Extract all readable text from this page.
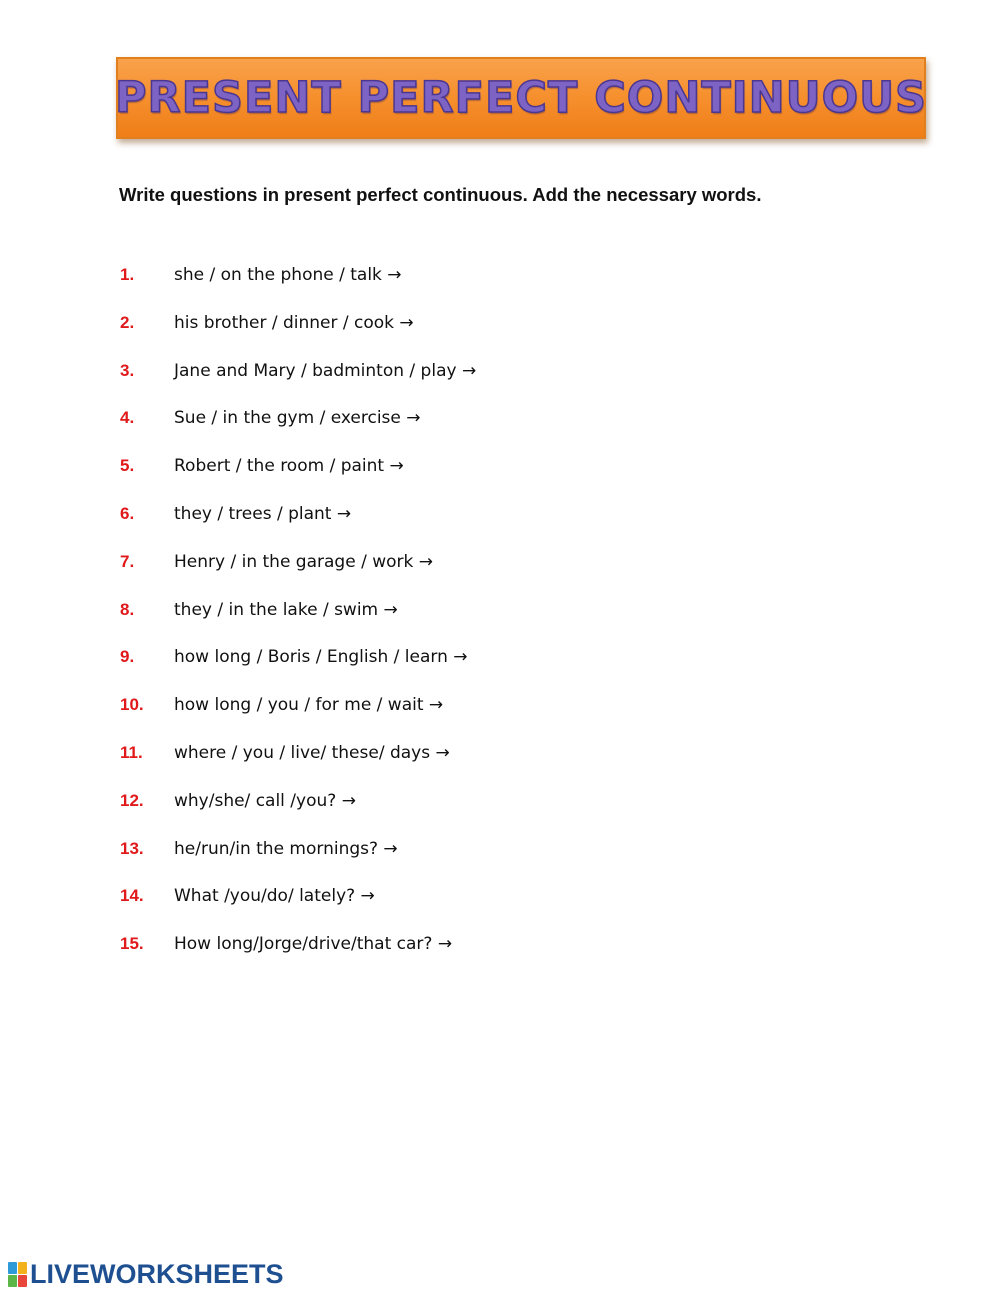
PRESENT PERFECT CONTINUOUS
Write questions in present perfect continuous. Add the necessary words.
1.	she / on the phone / talk →
2.	his brother / dinner / cook →
3.	Jane and Mary / badminton / play →
4.	Sue / in the gym / exercise →
5.	Robert / the room / paint →
6.	they / trees / plant →
7.	Henry / in the garage / work →
8.	they / in the lake / swim →
9.	how long / Boris / English / learn →
10.	how long / you / for me / wait →
11.	where / you / live/ these/ days →
12.	why/she/ call /you? →
13.	he/run/in the mornings? →
14.	What /you/do/ lately? →
15.	How long/Jorge/drive/that car? →
LIVEWORKSHEETS
